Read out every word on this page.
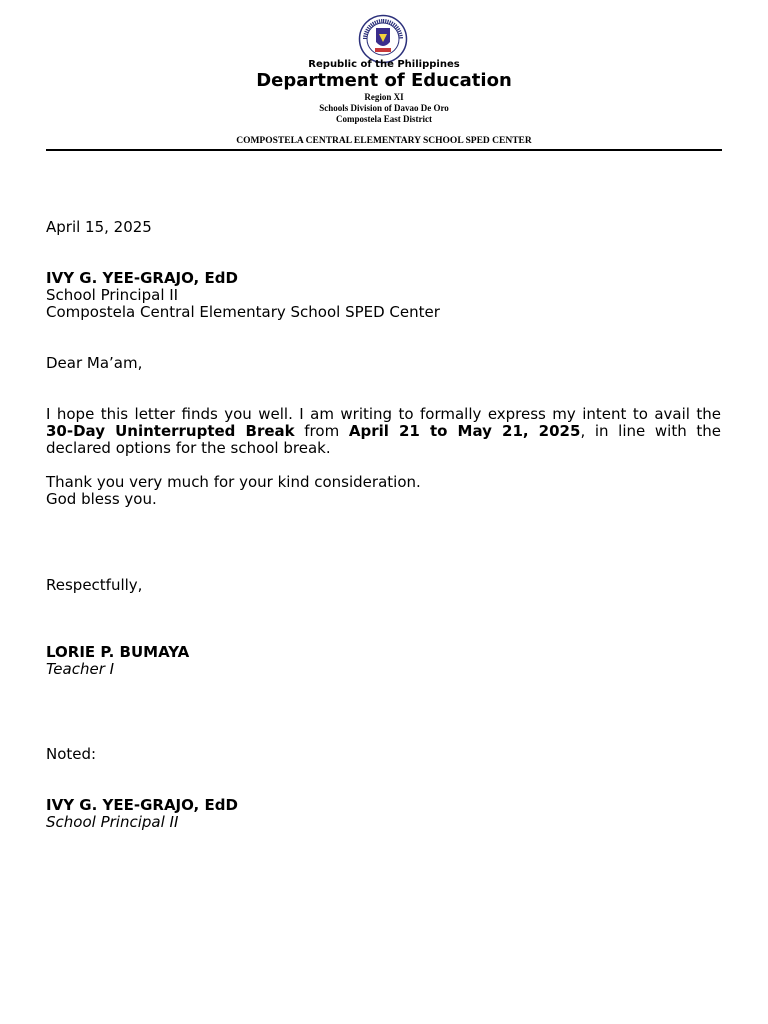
Republic of the Philippines
Department of Education
Region XI
Schools Division of Davao De Oro
Compostela East District
COMPOSTELA CENTRAL ELEMENTARY SCHOOL SPED CENTER
April 15, 2025
IVY G. YEE-GRAJO, EdD
School Principal II
Compostela Central Elementary School SPED Center
Dear Ma’am,
I hope this letter finds you well. I am writing to formally express my intent to avail the 30-Day Uninterrupted Break from April 21 to May 21, 2025, in line with the declared options for the school break.
Thank you very much for your kind consideration.
God bless you.
Respectfully,
LORIE P. BUMAYA
Teacher I
Noted:
IVY G. YEE-GRAJO, EdD
School Principal II
